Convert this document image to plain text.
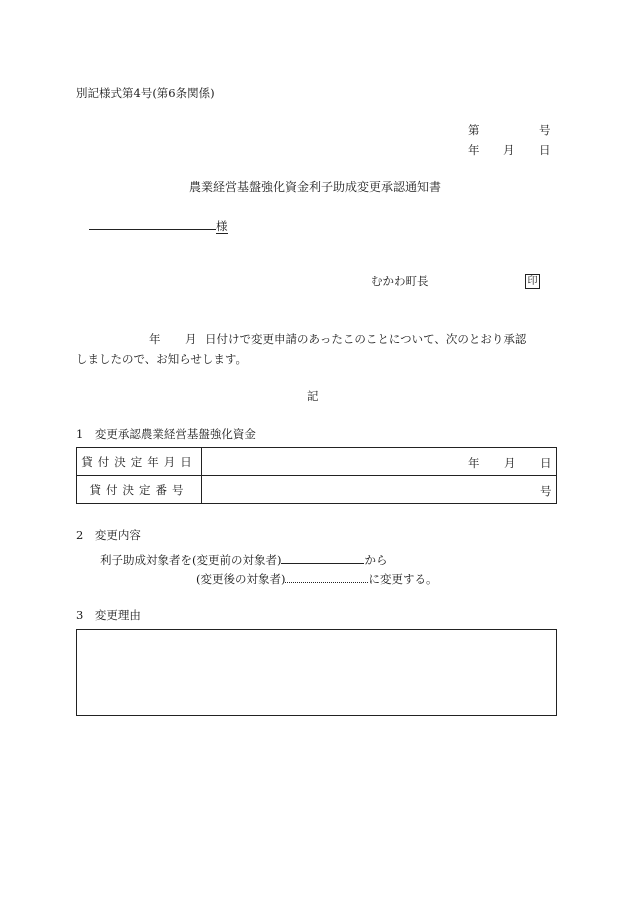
別記様式第4号(第6条関係)
第	号
年 月 日
農業経営基盤強化資金利子助成変更承認通知書
様
むかわ町長	印
年 月 日付けで変更申請のあったこのことについて、次のとおり承認
しましたので、お知らせします。
記
1　変更承認農業経営基盤強化資金
貸付決定年月日	年 月 日

貸付決定番号	号
2　変更内容
利子助成対象者を(変更前の対象者)	から
(変更後の対象者)	に変更する。
3　変更理由
